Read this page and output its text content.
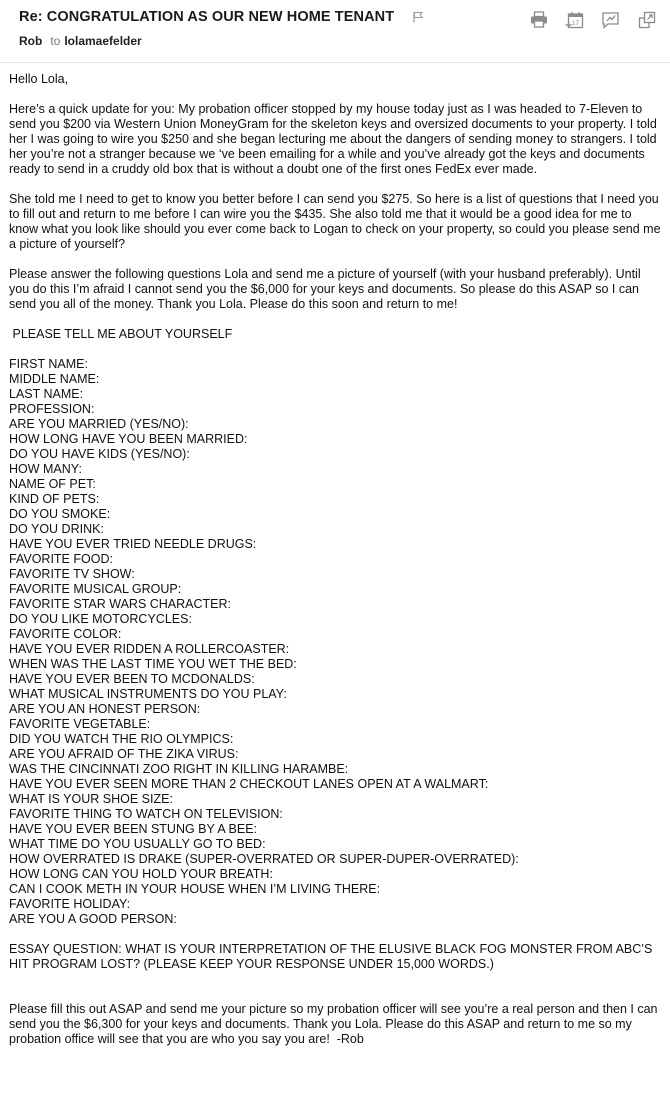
Re: CONGRATULATION AS OUR NEW HOME TENANT
Rob to lolamaefelder
17

Hello Lola,

Here’s a quick update for you: My probation officer stopped by my house today just as I was headed to 7-Eleven to send you $200 via Western Union MoneyGram for the skeleton keys and oversized documents to your property. I told her I was going to wire you $250 and she began lecturing me about the dangers of sending money to strangers. I told her you’re not a stranger because we ‘ve been emailing for a while and you’ve already got the keys and documents ready to send in a cruddy old box that is without a doubt one of the first ones FedEx ever made.

She told me I need to get to know you better before I can send you $275. So here is a list of questions that I need you to fill out and return to me before I can wire you the $435. She also told me that it would be a good idea for me to know what you look like should you ever come back to Logan to check on your property, so could you please send me a picture of yourself?

Please answer the following questions Lola and send me a picture of yourself (with your husband preferably). Until you do this I’m afraid I cannot send you the $6,000 for your keys and documents. So please do this ASAP so I can send you all of the money. Thank you Lola. Please do this soon and return to me!

PLEASE TELL ME ABOUT YOURSELF

FIRST NAME:
MIDDLE NAME:
LAST NAME:
PROFESSION:
ARE YOU MARRIED (YES/NO):
HOW LONG HAVE YOU BEEN MARRIED:
DO YOU HAVE KIDS (YES/NO):
HOW MANY:
NAME OF PET:
KIND OF PETS:
DO YOU SMOKE:
DO YOU DRINK:
HAVE YOU EVER TRIED NEEDLE DRUGS:
FAVORITE FOOD:
FAVORITE TV SHOW:
FAVORITE MUSICAL GROUP:
FAVORITE STAR WARS CHARACTER:
DO YOU LIKE MOTORCYCLES:
FAVORITE COLOR:
HAVE YOU EVER RIDDEN A ROLLERCOASTER:
WHEN WAS THE LAST TIME YOU WET THE BED:
HAVE YOU EVER BEEN TO MCDONALDS:
WHAT MUSICAL INSTRUMENTS DO YOU PLAY:
ARE YOU AN HONEST PERSON:
FAVORITE VEGETABLE:
DID YOU WATCH THE RIO OLYMPICS:
ARE YOU AFRAID OF THE ZIKA VIRUS:
WAS THE CINCINNATI ZOO RIGHT IN KILLING HARAMBE:
HAVE YOU EVER SEEN MORE THAN 2 CHECKOUT LANES OPEN AT A WALMART:
WHAT IS YOUR SHOE SIZE:
FAVORITE THING TO WATCH ON TELEVISION:
HAVE YOU EVER BEEN STUNG BY A BEE:
WHAT TIME DO YOU USUALLY GO TO BED:
HOW OVERRATED IS DRAKE (SUPER-OVERRATED OR SUPER-DUPER-OVERRATED):
HOW LONG CAN YOU HOLD YOUR BREATH:
CAN I COOK METH IN YOUR HOUSE WHEN I’M LIVING THERE:
FAVORITE HOLIDAY:
ARE YOU A GOOD PERSON:

ESSAY QUESTION: WHAT IS YOUR INTERPRETATION OF THE ELUSIVE BLACK FOG MONSTER FROM ABC’S HIT PROGRAM LOST? (PLEASE KEEP YOUR RESPONSE UNDER 15,000 WORDS.)

Please fill this out ASAP and send me your picture so my probation officer will see you’re a real person and then I can send you the $6,300 for your keys and documents. Thank you Lola. Please do this ASAP and return to me so my probation office will see that you are who you say you are!  -Rob
